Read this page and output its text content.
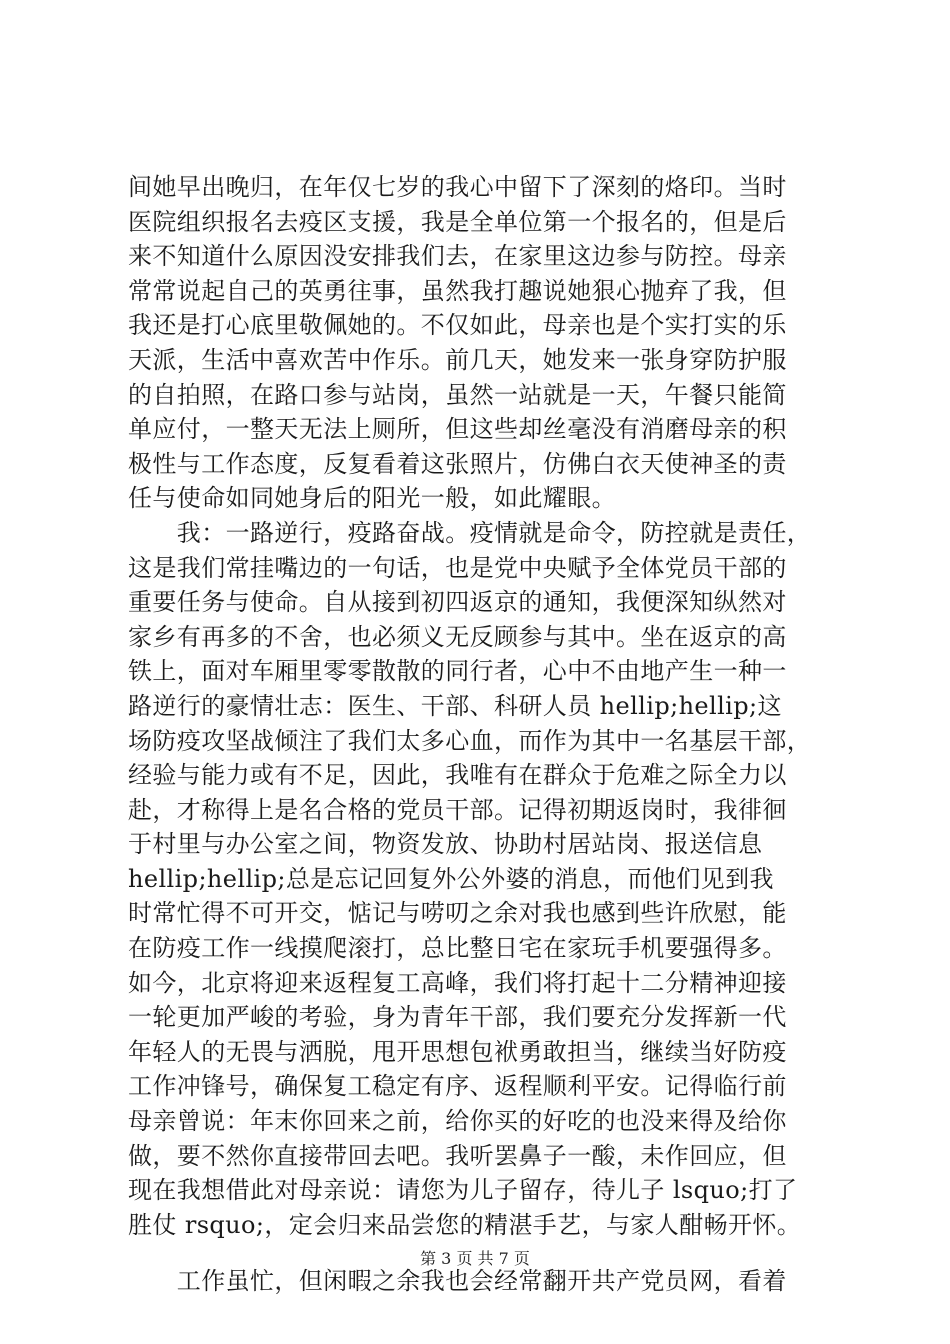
间她早出晚归，在年仅七岁的我心中留下了深刻的烙印。当时
医院组织报名去疫区支援，我是全单位第一个报名的，但是后
来不知道什么原因没安排我们去，在家里这边参与防控。母亲
常常说起自己的英勇往事，虽然我打趣说她狠心抛弃了我，但
我还是打心底里敬佩她的。不仅如此，母亲也是个实打实的乐
天派，生活中喜欢苦中作乐。前几天，她发来一张身穿防护服
的自拍照，在路口参与站岗，虽然一站就是一天，午餐只能简
单应付，一整天无法上厕所，但这些却丝毫没有消磨母亲的积
极性与工作态度，反复看着这张照片，仿佛白衣天使神圣的责
任与使命如同她身后的阳光一般，如此耀眼。
　　我：一路逆行，疫路奋战。疫情就是命令，防控就是责任，
这是我们常挂嘴边的一句话，也是党中央赋予全体党员干部的
重要任务与使命。自从接到初四返京的通知，我便深知纵然对
家乡有再多的不舍，也必须义无反顾参与其中。坐在返京的高
铁上，面对车厢里零零散散的同行者，心中不由地产生一种一
路逆行的豪情壮志：医生、干部、科研人员 hellip;hellip;这
场防疫攻坚战倾注了我们太多心血，而作为其中一名基层干部，
经验与能力或有不足，因此，我唯有在群众于危难之际全力以
赴，才称得上是名合格的党员干部。记得初期返岗时，我徘徊
于村里与办公室之间，物资发放、协助村居站岗、报送信息
hellip;hellip;总是忘记回复外公外婆的消息，而他们见到我
时常忙得不可开交，惦记与唠叨之余对我也感到些许欣慰，能
在防疫工作一线摸爬滚打，总比整日宅在家玩手机要强得多。
如今，北京将迎来返程复工高峰，我们将打起十二分精神迎接
一轮更加严峻的考验，身为青年干部，我们要充分发挥新一代
年轻人的无畏与洒脱，甩开思想包袱勇敢担当，继续当好防疫
工作冲锋号，确保复工稳定有序、返程顺利平安。记得临行前
母亲曾说：年末你回来之前，给你买的好吃的也没来得及给你
做，要不然你直接带回去吧。我听罢鼻子一酸，未作回应，但
现在我想借此对母亲说：请您为儿子留存，待儿子 lsquo;打了
胜仗 rsquo;，定会归来品尝您的精湛手艺，与家人酣畅开怀。
　　工作虽忙，但闲暇之余我也会经常翻开共产党员网，看着
第 3 页 共 7 页
